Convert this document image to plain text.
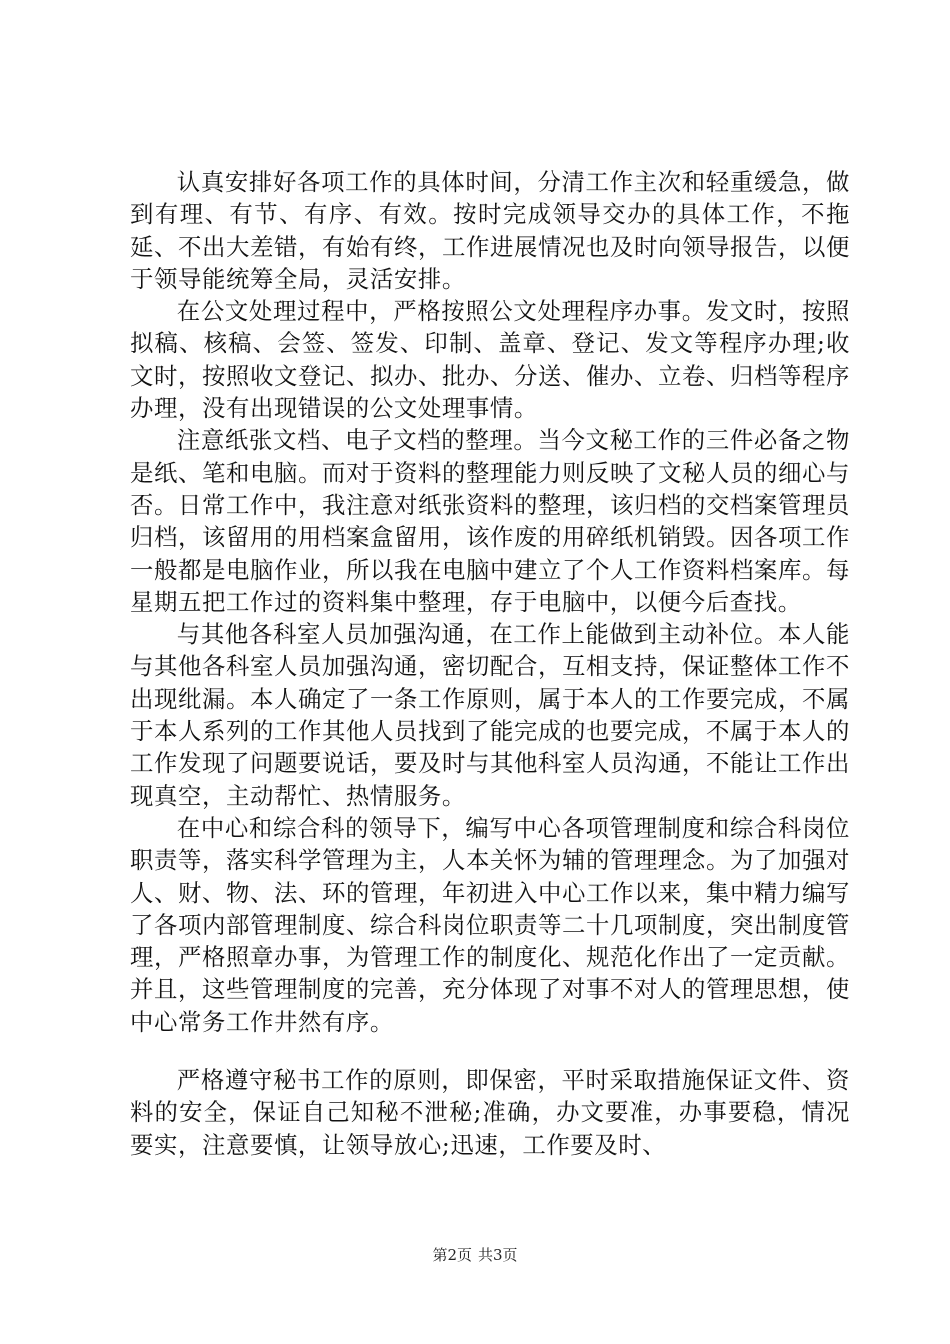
认真安排好各项工作的具体时间，分清工作主次和轻重缓急，做到有理、有节、有序、有效。按时完成领导交办的具体工作，不拖延、不出大差错，有始有终，工作进展情况也及时向领导报告，以便于领导能统筹全局，灵活安排。

在公文处理过程中，严格按照公文处理程序办事。发文时，按照拟稿、核稿、会签、签发、印制、盖章、登记、发文等程序办理;收文时，按照收文登记、拟办、批办、分送、催办、立卷、归档等程序办理，没有出现错误的公文处理事情。

注意纸张文档、电子文档的整理。当今文秘工作的三件必备之物是纸、笔和电脑。而对于资料的整理能力则反映了文秘人员的细心与否。日常工作中，我注意对纸张资料的整理，该归档的交档案管理员归档，该留用的用档案盒留用，该作废的用碎纸机销毁。因各项工作一般都是电脑作业，所以我在电脑中建立了个人工作资料档案库。每星期五把工作过的资料集中整理，存于电脑中，以便今后查找。

与其他各科室人员加强沟通，在工作上能做到主动补位。本人能与其他各科室人员加强沟通，密切配合，互相支持，保证整体工作不出现纰漏。本人确定了一条工作原则，属于本人的工作要完成，不属于本人系列的工作其他人员找到了能完成的也要完成，不属于本人的工作发现了问题要说话，要及时与其他科室人员沟通，不能让工作出现真空，主动帮忙、热情服务。

在中心和综合科的领导下，编写中心各项管理制度和综合科岗位职责等，落实科学管理为主，人本关怀为辅的管理理念。为了加强对人、财、物、法、环的管理，年初进入中心工作以来，集中精力编写了各项内部管理制度、综合科岗位职责等二十几项制度，突出制度管理，严格照章办事，为管理工作的制度化、规范化作出了一定贡献。并且，这些管理制度的完善，充分体现了对事不对人的管理思想，使中心常务工作井然有序。

严格遵守秘书工作的原则，即保密，平时采取措施保证文件、资料的安全，保证自己知秘不泄秘;准确，办文要准，办事要稳，情况要实，注意要慎，让领导放心;迅速，工作要及时、

第2页 共3页
